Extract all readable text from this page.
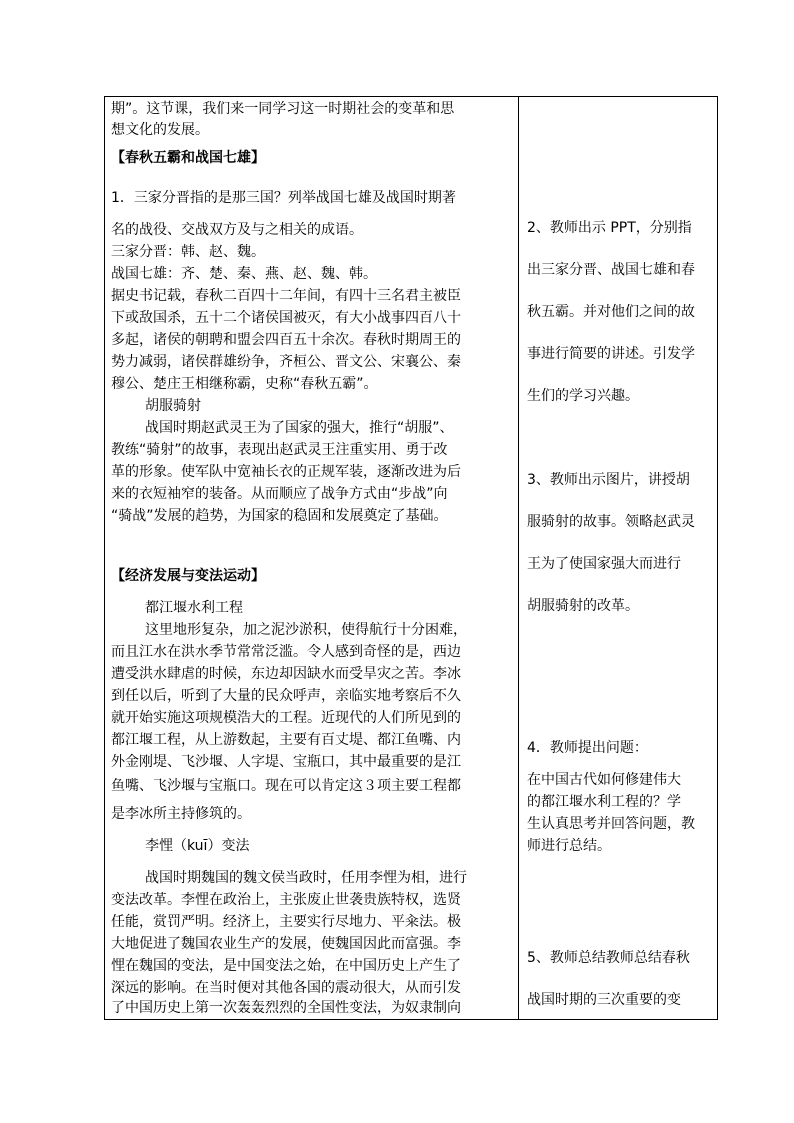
期”。这节课，我们来一同学习这一时期社会的变革和思
想文化的发展。
【春秋五霸和战国七雄】
1．三家分晋指的是那三国？列举战国七雄及战国时期著
名的战役、交战双方及与之相关的成语。
三家分晋：韩、赵、魏。
战国七雄：齐、楚、秦、燕、赵、魏、韩。
据史书记载，春秋二百四十二年间，有四十三名君主被臣
下或敌国杀，五十二个诸侯国被灭，有大小战事四百八十
多起，诸侯的朝聘和盟会四百五十余次。春秋时期周王的
势力减弱，诸侯群雄纷争，齐桓公、晋文公、宋襄公、秦
穆公、楚庄王相继称霸，史称“春秋五霸”。
胡服骑射
战国时期赵武灵王为了国家的强大，推行“胡服”、
教练“骑射”的故事，表现出赵武灵王注重实用、勇于改
革的形象。使军队中宽袖长衣的正规军装，逐渐改进为后
来的衣短袖窄的装备。从而顺应了战争方式由“步战”向
“骑战”发展的趋势，为国家的稳固和发展奠定了基础。
【经济发展与变法运动】
都江堰水利工程
这里地形复杂，加之泥沙淤积，使得航行十分困难，
而且江水在洪水季节常常泛滥。令人感到奇怪的是，西边
遭受洪水肆虐的时候，东边却因缺水而受旱灾之苦。李冰
到任以后，听到了大量的民众呼声，亲临实地考察后不久
就开始实施这项规模浩大的工程。近现代的人们所见到的
都江堰工程，从上游数起，主要有百丈堤、都江鱼嘴、内
外金刚堤、飞沙堰、人字堤、宝瓶口，其中最重要的是江
鱼嘴、飞沙堰与宝瓶口。现在可以肯定这３项主要工程都
是李冰所主持修筑的。
李悝（kuī）变法
战国时期魏国的魏文侯当政时，任用李悝为相，进行
变法改革。李悝在政治上，主张废止世袭贵族特权，选贤
任能，赏罚严明。经济上，主要实行尽地力、平籴法。极
大地促进了魏国农业生产的发展，使魏国因此而富强。李
悝在魏国的变法，是中国变法之始，在中国历史上产生了
深远的影响。在当时便对其他各国的震动很大，从而引发
了中国历史上第一次轰轰烈烈的全国性变法，为奴隶制向
2、教师出示 PPT，分别指
出三家分晋、战国七雄和春
秋五霸。并对他们之间的故
事进行简要的讲述。引发学
生们的学习兴趣。
3、教师出示图片，讲授胡
服骑射的故事。领略赵武灵
王为了使国家强大而进行
胡服骑射的改革。
4．教师提出问题：
在中国古代如何修建伟大
的都江堰水利工程的？学
生认真思考并回答问题，教
师进行总结。
5、教师总结教师总结春秋
战国时期的三次重要的变
